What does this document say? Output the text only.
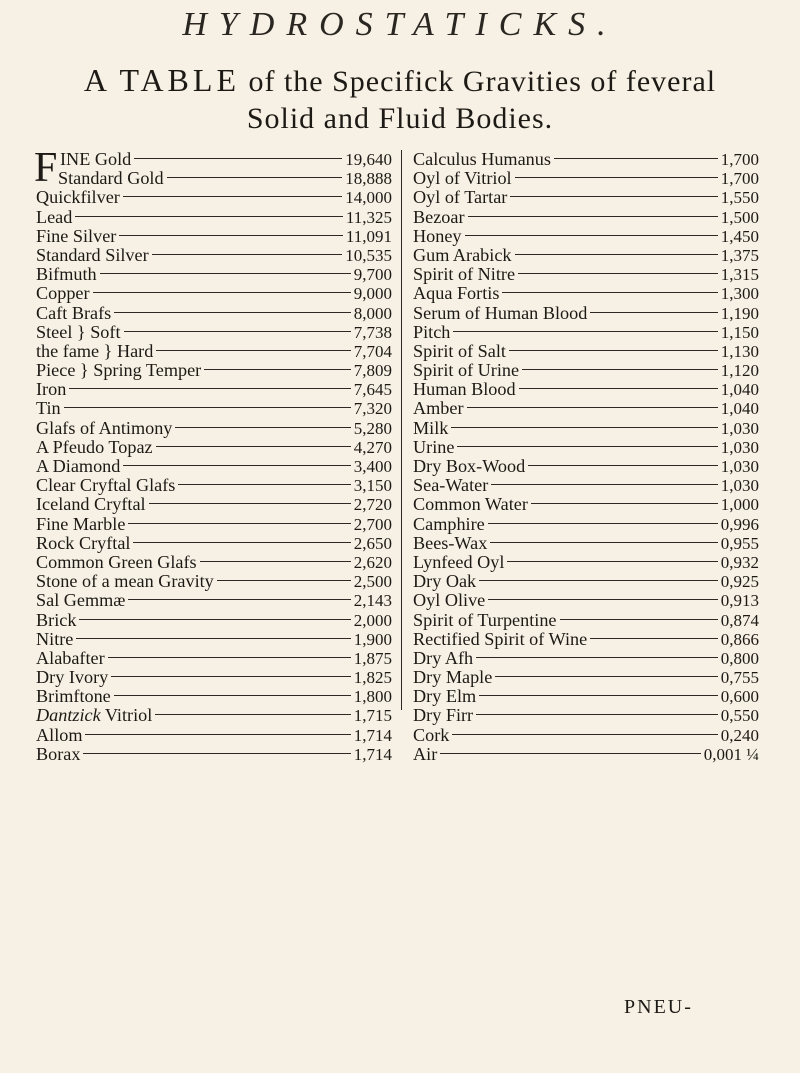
HYDROSTATICKS.
A TABLE of the Specifick Gravities of feveral
Solid and Fluid Bodies.
F INE Gold	19,640
Standard Gold	18,888
Quickfilver	14,000
Lead	11,325
Fine Silver	11,091
Standard Silver	10,535
Bifmuth	9,700
Copper	9,000
Caft Brafs	8,000
Steel } Soft	7,738
the fame } Hard	7,704
Piece } Spring Temper	7,809
Iron	7,645
Tin	7,320
Glafs of Antimony	5,280
A Pfeudo Topaz	4,270
A Diamond	3,400
Clear Cryftal Glafs	3,150
Iceland Cryftal	2,720
Fine Marble	2,700
Rock Cryftal	2,650
Common Green Glafs	2,620
Stone of a mean Gravity	2,500
Sal Gemmæ	2,143
Brick	2,000
Nitre	1,900
Alabafter	1,875
Dry Ivory	1,825
Brimftone	1,800
Dantzick Vitriol	1,715
Allom	1,714
Borax	1,714
Calculus Humanus	1,700
Oyl of Vitriol	1,700
Oyl of Tartar	1,550
Bezoar	1,500
Honey	1,450
Gum Arabick	1,375
Spirit of Nitre	1,315
Aqua Fortis	1,300
Serum of Human Blood	1,190
Pitch	1,150
Spirit of Salt	1,130
Spirit of Urine	1,120
Human Blood	1,040
Amber	1,040
Milk	1,030
Urine	1,030
Dry Box-Wood	1,030
Sea-Water	1,030
Common Water	1,000
Camphire	0,996
Bees-Wax	0,955
Lynfeed Oyl	0,932
Dry Oak	0,925
Oyl Olive	0,913
Spirit of Turpentine	0,874
Rectified Spirit of Wine	0,866
Dry Afh	0,800
Dry Maple	0,755
Dry Elm	0,600
Dry Firr	0,550
Cork	0,240
Air	0,001 ¼
PNEU-
